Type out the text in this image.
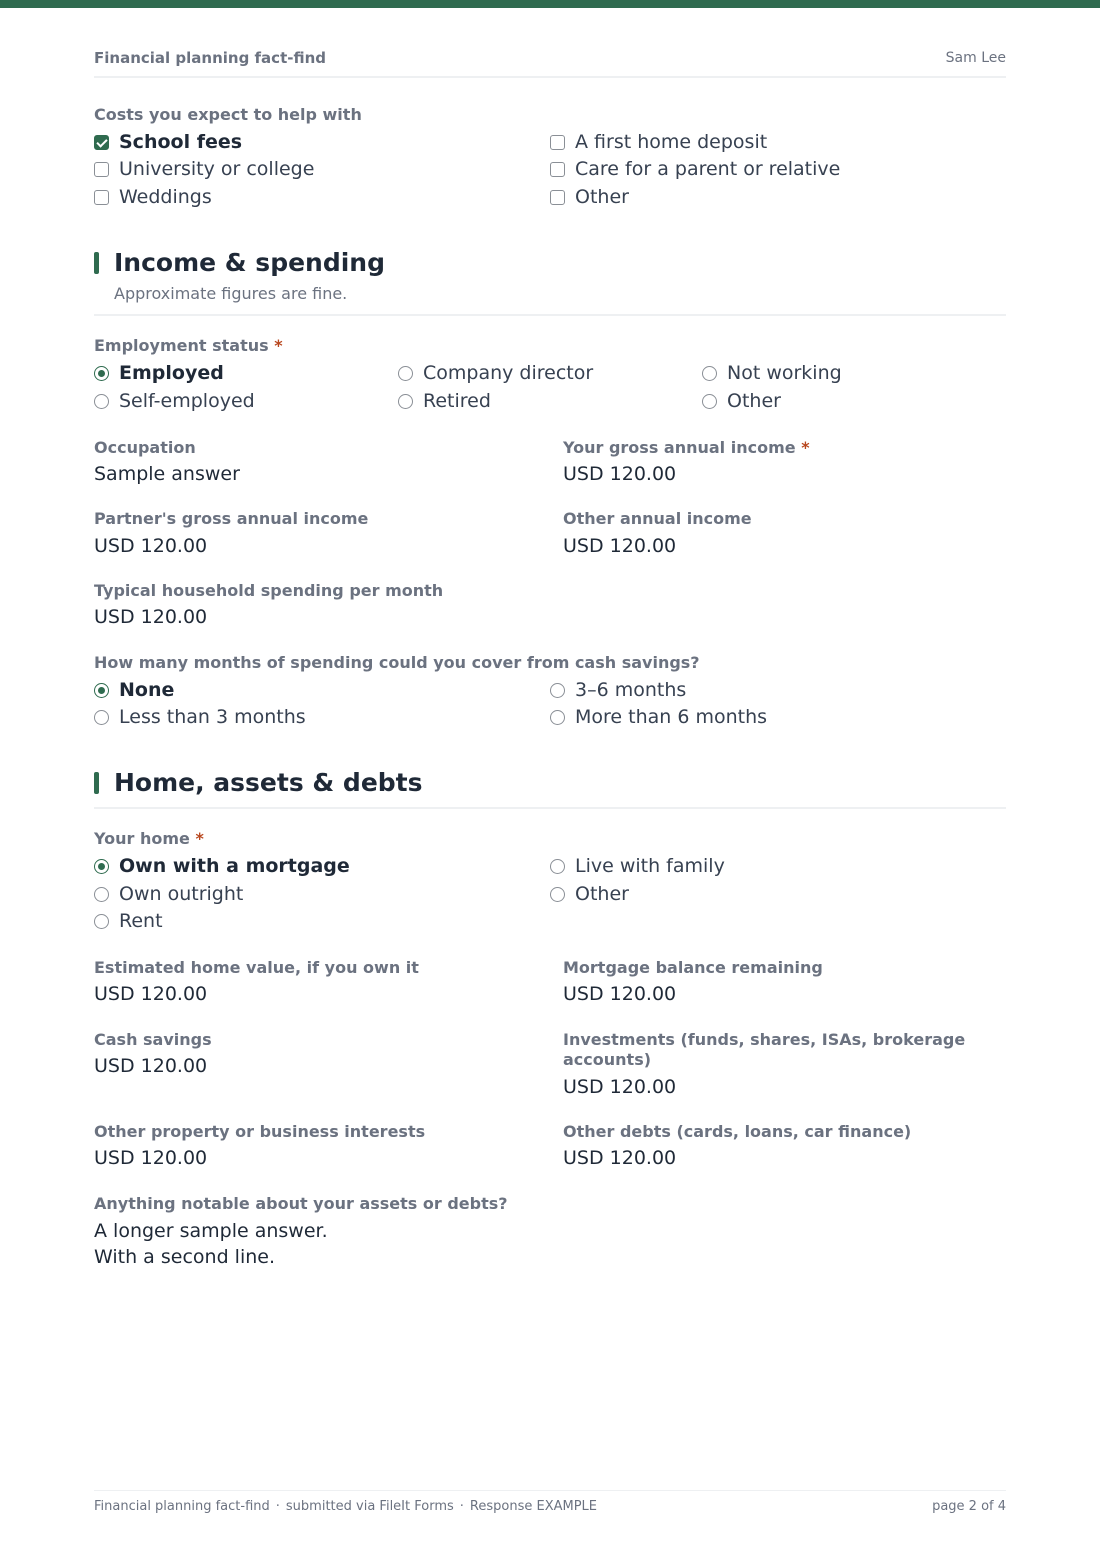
Financial planning fact-find	Sam Lee
Costs you expect to help with
School fees
University or college
Weddings
A first home deposit
Care for a parent or relative
Other
Income & spending
Approximate figures are fine.
Employment status *
Employed
Self-employed
Company director
Retired
Not working
Other
Occupation
Sample answer
Your gross annual income *
USD 120.00
Partner's gross annual income
USD 120.00
Other annual income
USD 120.00
Typical household spending per month
USD 120.00
How many months of spending could you cover from cash savings?
None
Less than 3 months
3–6 months
More than 6 months
Home, assets & debts
Your home *
Own with a mortgage
Own outright
Rent
Live with family
Other
Estimated home value, if you own it
USD 120.00
Mortgage balance remaining
USD 120.00
Cash savings
USD 120.00
Investments (funds, shares, ISAs, brokerage accounts)
USD 120.00
Other property or business interests
USD 120.00
Other debts (cards, loans, car finance)
USD 120.00
Anything notable about your assets or debts?
A longer sample answer.
With a second line.
Financial planning fact-find · submitted via FileIt Forms · Response EXAMPLE	page 2 of 4
